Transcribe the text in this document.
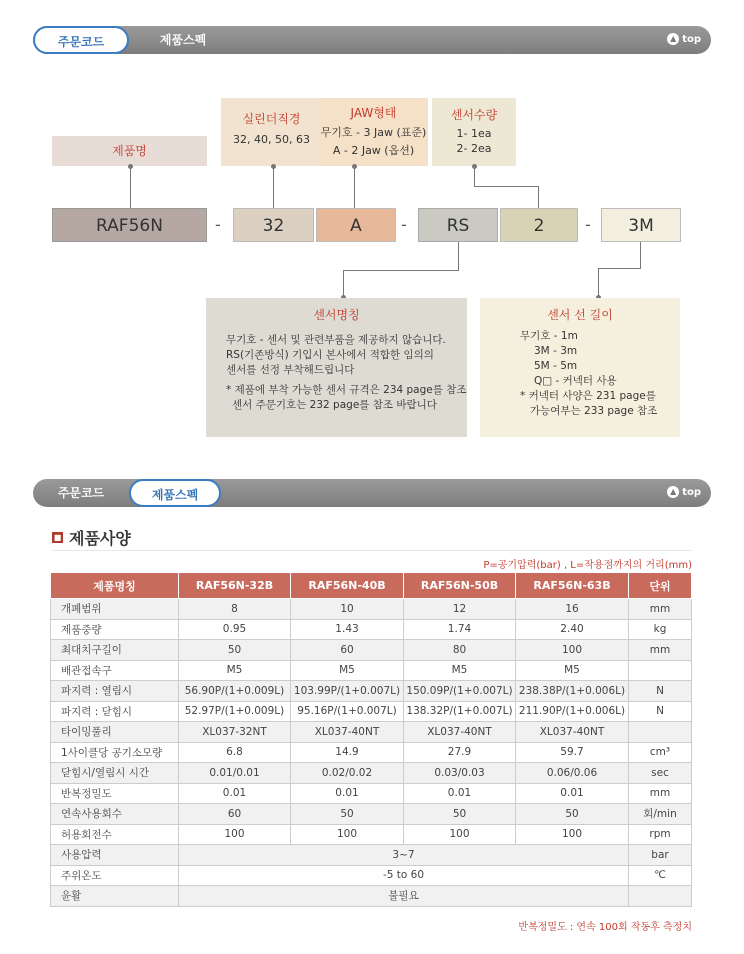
주문코드	제품스펙	▲ top
제품명
실린더직경
32, 40, 50, 63
JAW형태
무기호 - 3 Jaw (표준)
A - 2 Jaw (옵션)
센서수량
1- 1ea
2- 2ea
RAF56N	-	32	A	-	RS	2	-	3M
센서명칭
무기호 - 센서 및 관련부품을 제공하지 않습니다.
RS(기존방식) 기입시 본사에서 적합한 임의의
센서를 선정 부착해드립니다
* 제품에 부착 가능한 센서 규격은 234 page를 참조
센서 주문기호는 232 page를 참조 바랍니다
센서 선 길이
무기호 - 1m
3M - 3m
5M - 5m
Q□ - 커넥터 사용
* 커넥터 사양은 231 page를
가능여부는 233 page 참조
주문코드	제품스펙	▲ top
■ 제품사양
P=공기압력(bar) , L=작용점까지의 거리(mm)
제품명칭	RAF56N-32B	RAF56N-40B	RAF56N-50B	RAF56N-63B	단위
개폐범위	8	10	12	16	mm
제품중량	0.95	1.43	1.74	2.40	kg
최대치구길이	50	60	80	100	mm
배관접속구	M5	M5	M5	M5	
파지력 : 열림시	56.90P/(1+0.009L)	103.99P/(1+0.007L)	150.09P/(1+0.007L)	238.38P/(1+0.006L)	N
파지력 : 닫힘시	52.97P/(1+0.009L)	95.16P/(1+0.007L)	138.32P/(1+0.007L)	211.90P/(1+0.006L)	N
타이밍풀리	XL037-32NT	XL037-40NT	XL037-40NT	XL037-40NT	
1사이클당 공기소모량	6.8	14.9	27.9	59.7	cm³
닫힘시/열림시 시간	0.01/0.01	0.02/0.02	0.03/0.03	0.06/0.06	sec
반복정밀도	0.01	0.01	0.01	0.01	mm
연속사용회수	60	50	50	50	회/min
허용회전수	100	100	100	100	rpm
사용압력	3~7				bar
주위온도	-5 to 60				℃
윤활	불필요				
반복정밀도 : 연속 100회 작동후 측정치
